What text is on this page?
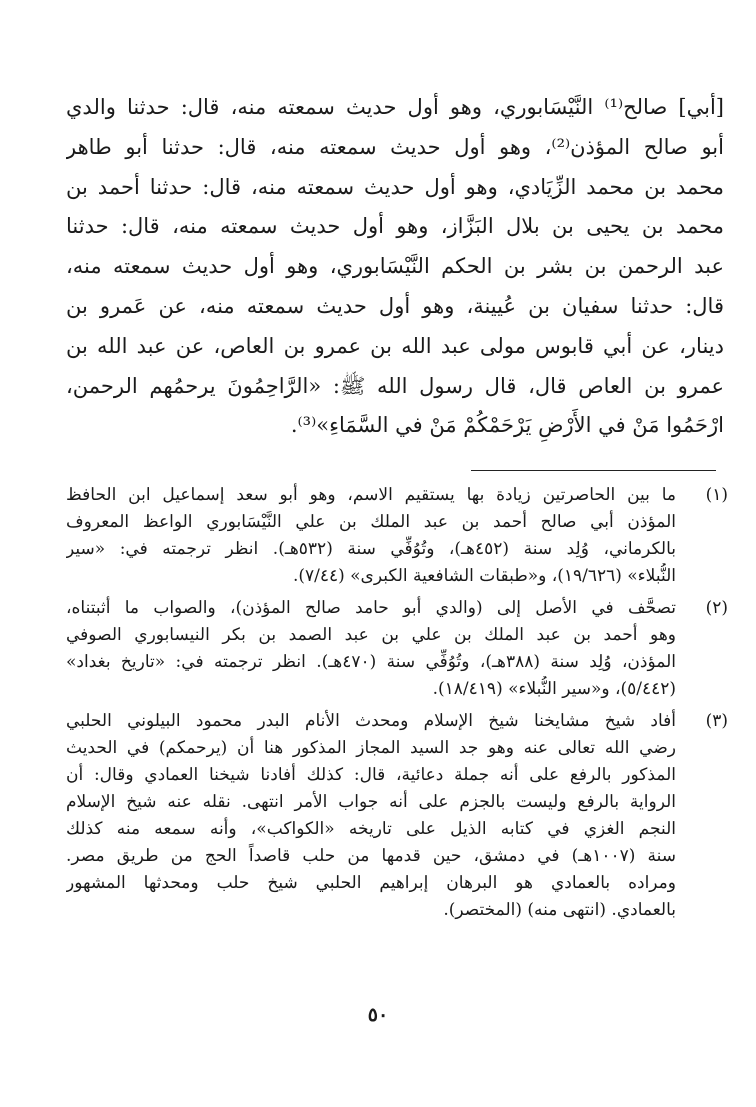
[أبي] صالح⁽¹⁾ النَّيْسَابوري، وهو أول حديث سمعته منه، قال: حدثنا والدي
أبو صالح المؤذن⁽²⁾، وهو أول حديث سمعته منه، قال: حدثنا أبو طاهر
محمد بن محمد الزِّيَادي، وهو أول حديث سمعته منه، قال: حدثنا أحمد بن
محمد بن يحيى بن بلال البَزَّاز، وهو أول حديث سمعته منه، قال: حدثنا
عبد الرحمن بن بشر بن الحكم النَّيْسَابوري، وهو أول حديث سمعته منه،
قال: حدثنا سفيان بن عُيينة، وهو أول حديث سمعته منه، عن عَمرو بن
دينار، عن أبي قابوس مولى عبد الله بن عمرو بن العاص، عن عبد الله بن
عمرو بن العاص قال، قال رسول الله ﷺ: «الرَّاحِمُونَ يرحمُهم الرحمن،
ارْحَمُوا مَنْ في الأَرْضِ يَرْحَمْكُمْ مَنْ في السَّمَاءِ»⁽³⁾.
(١)
ما بين الحاصرتين زيادة بها يستقيم الاسم، وهو أبو سعد إسماعيل ابن الحافظ
المؤذن أبي صالح أحمد بن عبد الملك بن علي النَّيْسَابوري الواعظ المعروف
بالكرماني، وُلِد سنة (٤٥٢هـ)، وتُوُفِّي سنة (٥٣٢هـ). انظر ترجمته في: «سير
النُّبلاء» (١٩/٦٢٦)، و«طبقات الشافعية الكبرى» (٧/٤٤).
(٢)
تصحَّف في الأصل إلى (والدي أبو حامد صالح المؤذن)، والصواب ما أثبتناه،
وهو أحمد بن عبد الملك بن علي بن عبد الصمد بن بكر النيسابوري الصوفي
المؤذن، وُلِد سنة (٣٨٨هـ)، وتُوُفِّي سنة (٤٧٠هـ). انظر ترجمته في: «تاريخ بغداد»
(٥/٤٤٢)، و«سير النُّبلاء» (١٨/٤١٩).
(٣)
أفاد شيخ مشايخنا شيخ الإسلام ومحدث الأنام البدر محمود البيلوني الحلبي
رضي الله تعالى عنه وهو جد السيد المجاز المذكور هنا أن (يرحمكم) في الحديث
المذكور بالرفع على أنه جملة دعائية، قال: كذلك أفادنا شيخنا العمادي وقال: أن
الرواية بالرفع وليست بالجزم على أنه جواب الأمر انتهى. نقله عنه شيخ الإسلام
النجم الغزي في كتابه الذيل على تاريخه «الكواكب»، وأنه سمعه منه كذلك
سنة (١٠٠٧هـ) في دمشق، حين قدمها من حلب قاصداً الحج من طريق مصر.
ومراده بالعمادي هو البرهان إبراهيم الحلبي شيخ حلب ومحدثها المشهور
بالعمادي. (انتهى منه) (المختصر).
٥٠
